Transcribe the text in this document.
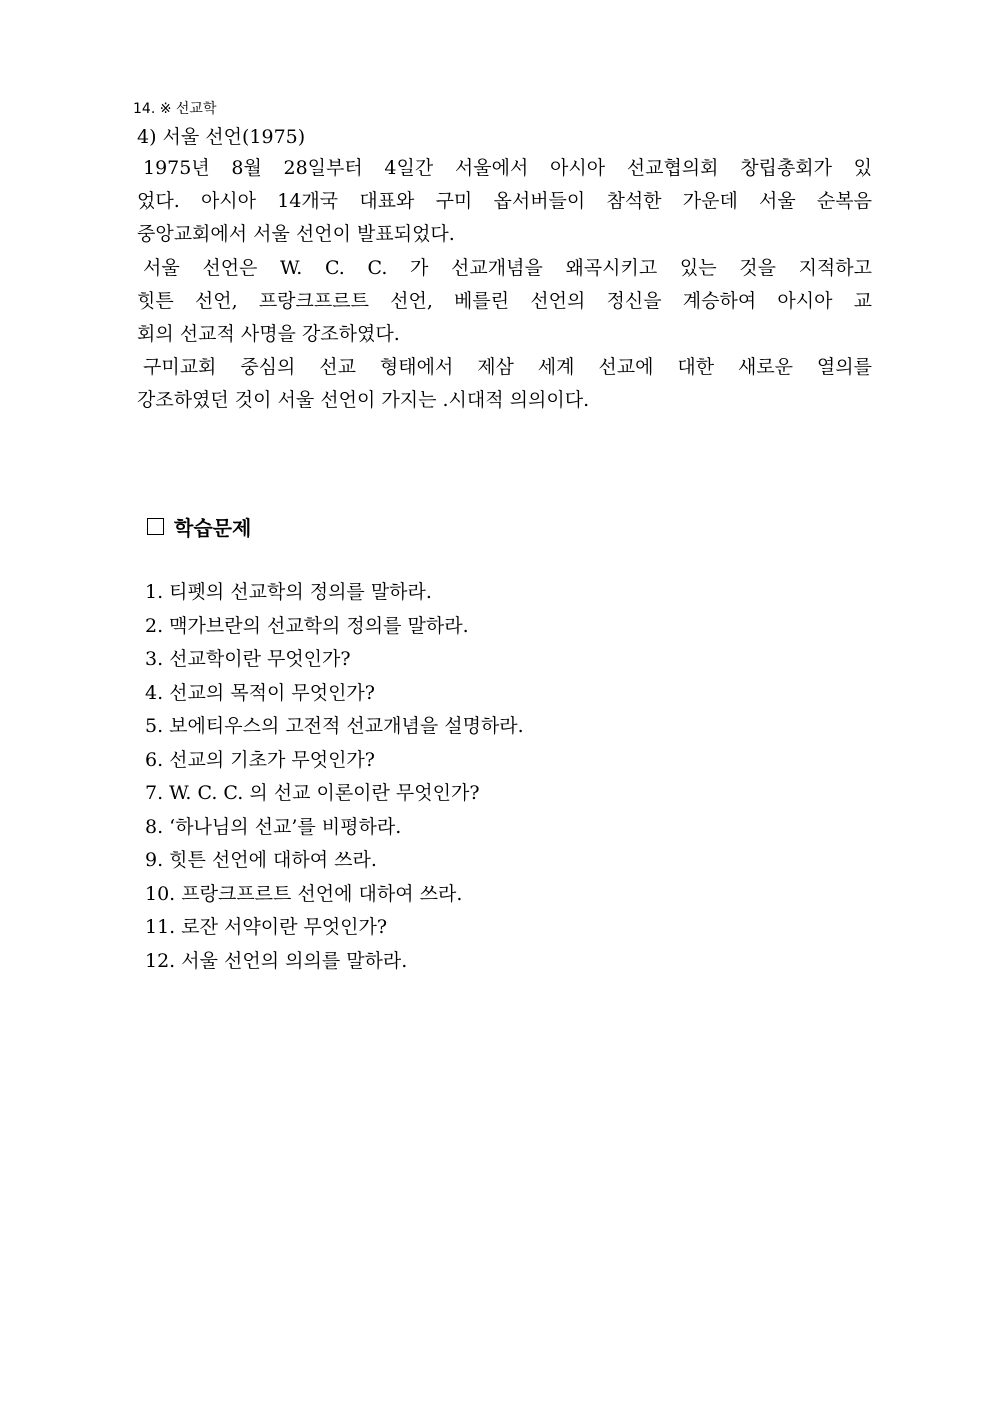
14. ※ 선교학
4) 서울 선언(1975)
1975년 8월 28일부터 4일간 서울에서 아시아 선교협의회 창립총회가 있
었다. 아시아 14개국 대표와 구미 옵서버들이 참석한 가운데 서울 순복음
중앙교회에서 서울 선언이 발표되었다.
서울 선언은 W. C. C. 가 선교개념을 왜곡시키고 있는 것을 지적하고
힛튼 선언, 프랑크프르트 선언, 베를린 선언의 정신을 계승하여 아시아 교
회의 선교적 사명을 강조하였다.
구미교회 중심의 선교 형태에서 제삼 세계 선교에 대한 새로운 열의를
강조하였던 것이 서울 선언이 가지는 .시대적 의의이다.
학습문제
1. 티펫의 선교학의 정의를 말하라.
2. 맥가브란의 선교학의 정의를 말하라.
3. 선교학이란 무엇인가?
4. 선교의 목적이 무엇인가?
5. 보에티우스의 고전적 선교개념을 설명하라.
6. 선교의 기초가 무엇인가?
7. W. C. C. 의 선교 이론이란 무엇인가?
8. ‘하나님의 선교’를 비평하라.
9. 힛튼 선언에 대하여 쓰라.
10. 프랑크프르트 선언에 대하여 쓰라.
11. 로잔 서약이란 무엇인가?
12. 서울 선언의 의의를 말하라.
